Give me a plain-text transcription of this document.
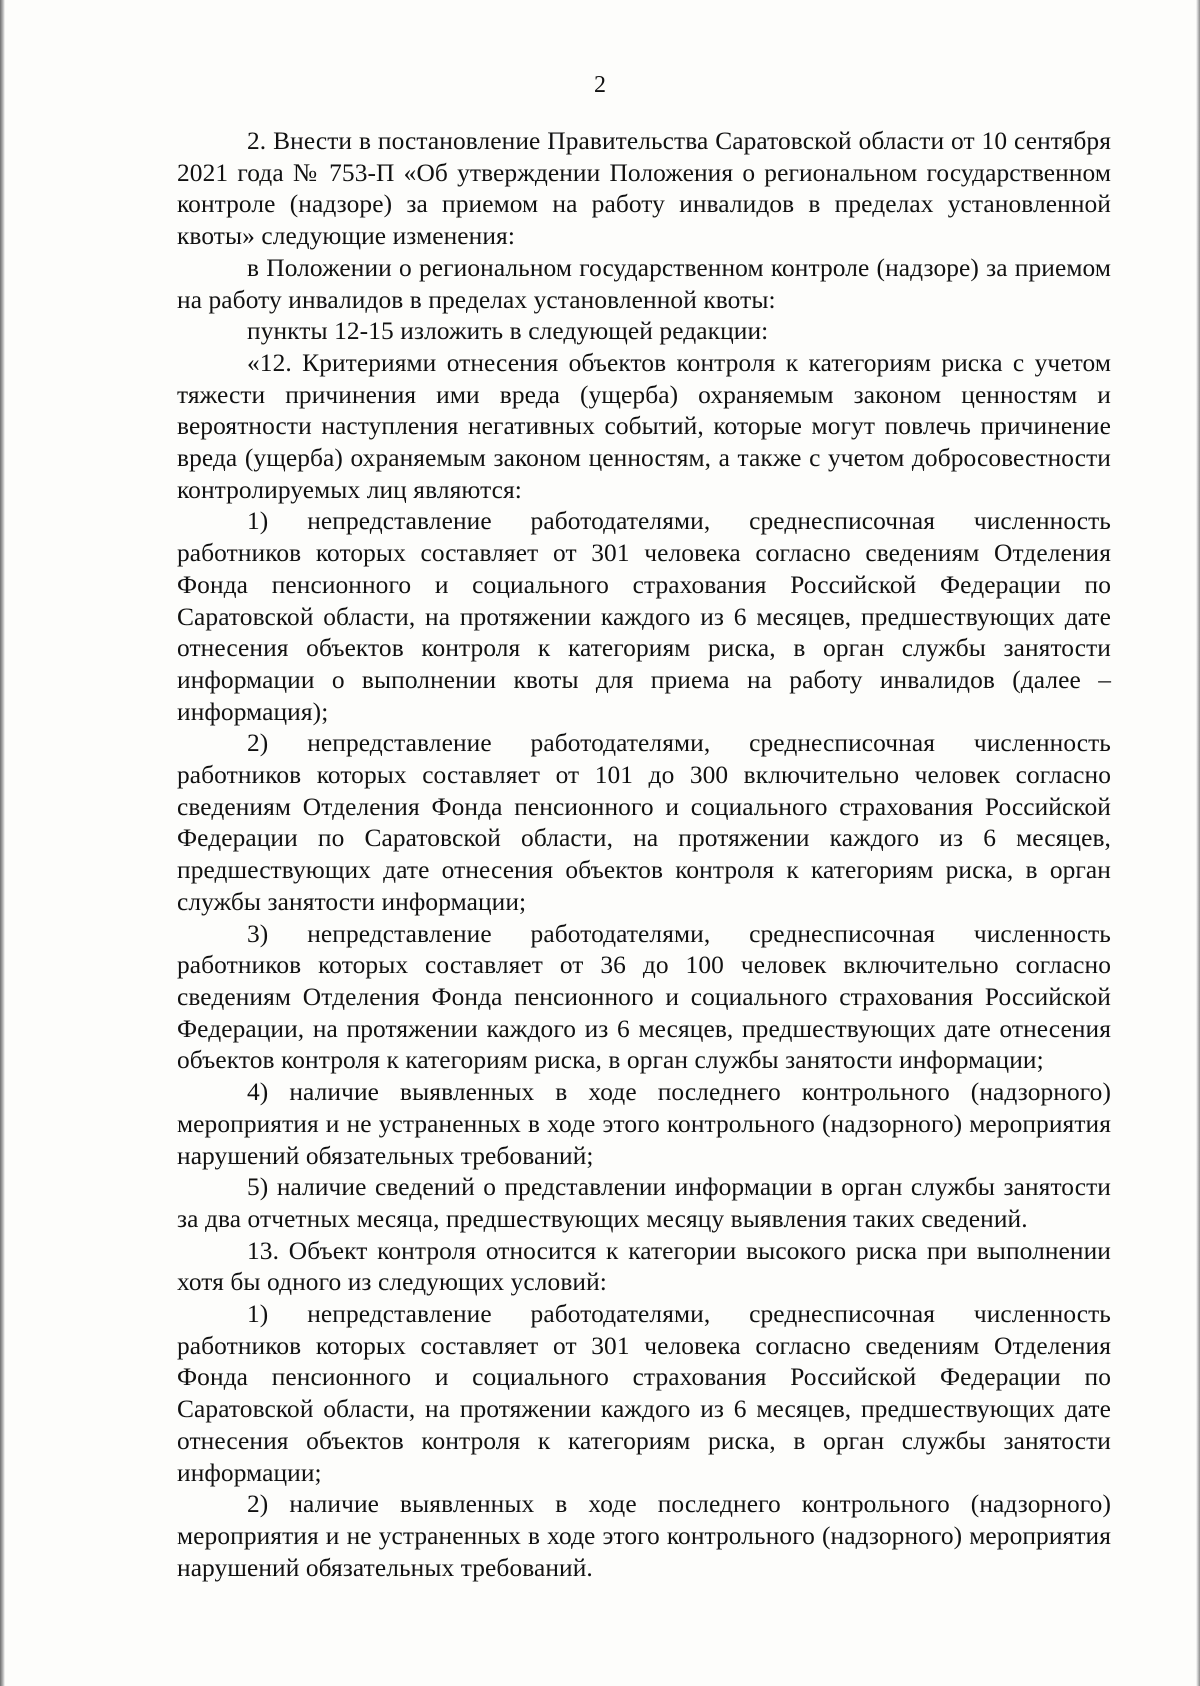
2

2. Внести в постановление Правительства Саратовской области от 10 сентября 2021 года № 753-П «Об утверждении Положения о региональном государственном контроле (надзоре) за приемом на работу инвалидов в пределах установленной квоты» следующие изменения:

в Положении о региональном государственном контроле (надзоре) за приемом на работу инвалидов в пределах установленной квоты:

пункты 12-15 изложить в следующей редакции:

«12. Критериями отнесения объектов контроля к категориям риска с учетом тяжести причинения ими вреда (ущерба) охраняемым законом ценностям и вероятности наступления негативных событий, которые могут повлечь причинение вреда (ущерба) охраняемым законом ценностям, а также с учетом добросовестности контролируемых лиц являются:

1) непредставление работодателями, среднесписочная численность работников которых составляет от 301 человека согласно сведениям Отделения Фонда пенсионного и социального страхования Российской Федерации по Саратовской области, на протяжении каждого из 6 месяцев, предшествующих дате отнесения объектов контроля к категориям риска, в орган службы занятости информации о выполнении квоты для приема на работу инвалидов (далее – информация);

2) непредставление работодателями, среднесписочная численность работников которых составляет от 101 до 300 включительно человек согласно сведениям Отделения Фонда пенсионного и социального страхования Российской Федерации по Саратовской области, на протяжении каждого из 6 месяцев, предшествующих дате отнесения объектов контроля к категориям риска, в орган службы занятости информации;

3) непредставление работодателями, среднесписочная численность работников которых составляет от 36 до 100 человек включительно согласно сведениям Отделения Фонда пенсионного и социального страхования Российской Федерации, на протяжении каждого из 6 месяцев, предшествующих дате отнесения объектов контроля к категориям риска, в орган службы занятости информации;

4) наличие выявленных в ходе последнего контрольного (надзорного) мероприятия и не устраненных в ходе этого контрольного (надзорного) мероприятия нарушений обязательных требований;

5) наличие сведений о представлении информации в орган службы занятости за два отчетных месяца, предшествующих месяцу выявления таких сведений.

13. Объект контроля относится к категории высокого риска при выполнении хотя бы одного из следующих условий:

1) непредставление работодателями, среднесписочная численность работников которых составляет от 301 человека согласно сведениям Отделения Фонда пенсионного и социального страхования Российской Федерации по Саратовской области, на протяжении каждого из 6 месяцев, предшествующих дате отнесения объектов контроля к категориям риска, в орган службы занятости информации;

2) наличие выявленных в ходе последнего контрольного (надзорного) мероприятия и не устраненных в ходе этого контрольного (надзорного) мероприятия нарушений обязательных требований.
